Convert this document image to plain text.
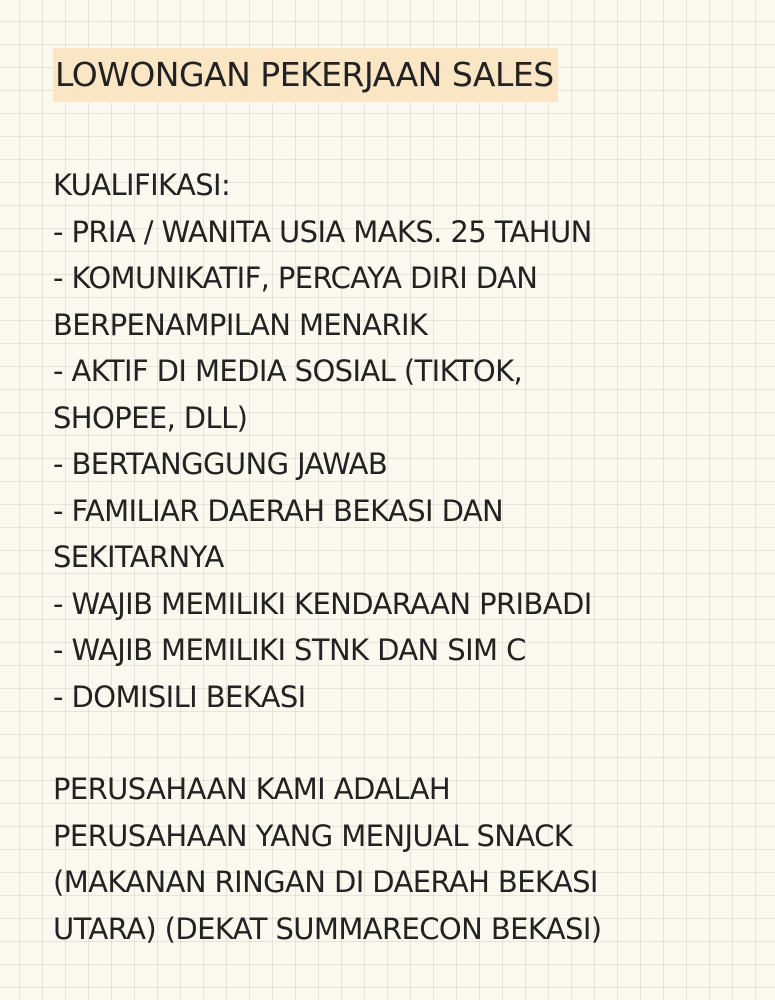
LOWONGAN PEKERJAAN SALES
KUALIFIKASI:
- PRIA / WANITA USIA MAKS. 25 TAHUN
- KOMUNIKATIF, PERCAYA DIRI DAN
BERPENAMPILAN MENARIK
- AKTIF DI MEDIA SOSIAL (TIKTOK,
SHOPEE, DLL)
- BERTANGGUNG JAWAB
- FAMILIAR DAERAH BEKASI DAN
SEKITARNYA
- WAJIB MEMILIKI KENDARAAN PRIBADI
- WAJIB MEMILIKI STNK DAN SIM C
- DOMISILI BEKASI
PERUSAHAAN KAMI ADALAH
PERUSAHAAN YANG MENJUAL SNACK
(MAKANAN RINGAN DI DAERAH BEKASI
UTARA) (DEKAT SUMMARECON BEKASI)
